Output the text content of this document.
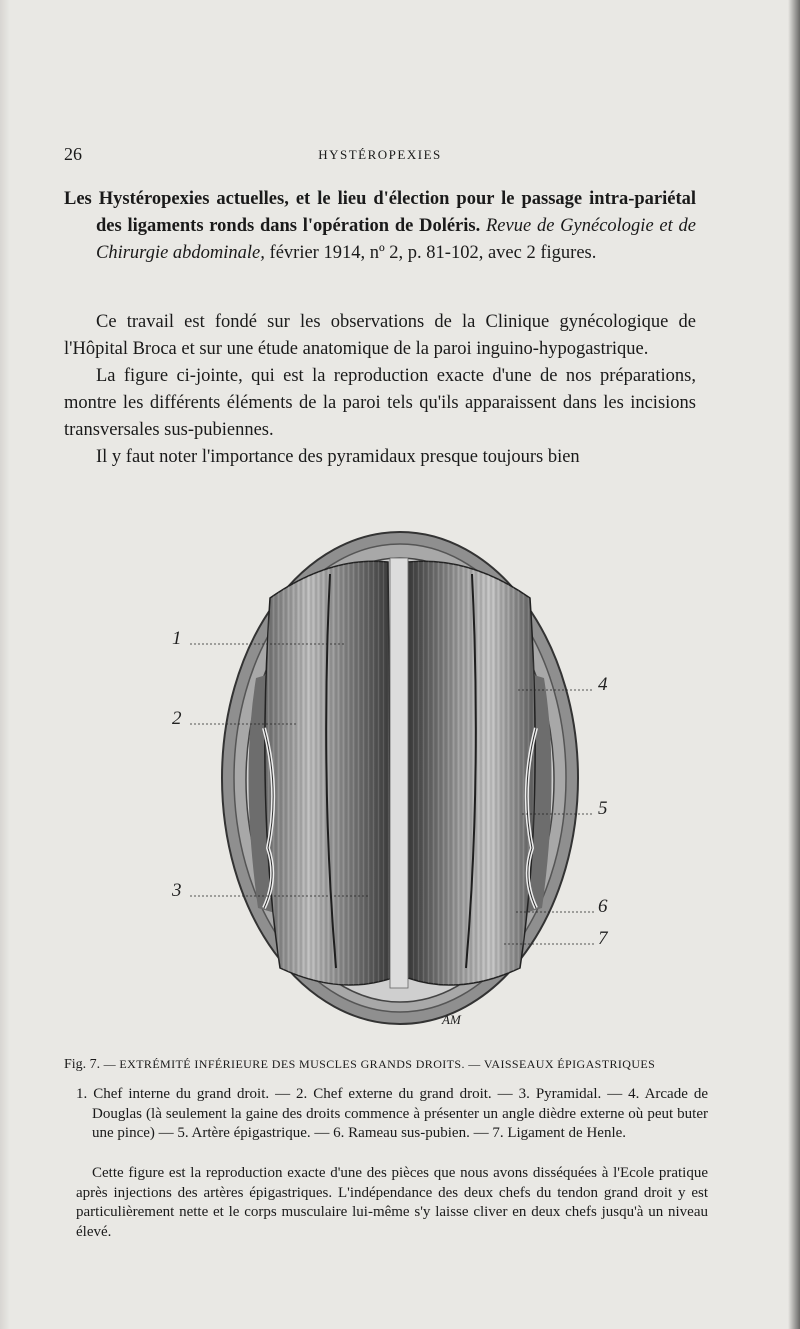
26	HYSTÉROPEXIES
Les Hystéropexies actuelles, et le lieu d'élection pour le passage intra-pariétal des ligaments ronds dans l'opération de Doléris. Revue de Gynécologie et de Chirurgie abdominale, février 1914, nº 2, p. 81-102, avec 2 figures.

Ce travail est fondé sur les observations de la Clinique gynécologique de l'Hôpital Broca et sur une étude anatomique de la paroi inguino-hypogastrique.

La figure ci-jointe, qui est la reproduction exacte d'une de nos préparations, montre les différents éléments de la paroi tels qu'ils apparaissent dans les incisions transversales sus-pubiennes.

Il y faut noter l'importance des pyramidaux presque toujours bien

1
2
3
4
5
6
7
AM
Fig. 7. — EXTRÉMITÉ INFÉRIEURE DES MUSCLES GRANDS DROITS. — VAISSEAUX ÉPIGASTRIQUES
1. Chef interne du grand droit. — 2. Chef externe du grand droit. — 3. Pyramidal. — 4. Arcade de Douglas (là seulement la gaine des droits commence à présenter un angle dièdre externe où peut buter une pince) — 5. Artère épigastrique. — 6. Rameau sus-pubien. — 7. Ligament de Henle.
Cette figure est la reproduction exacte d'une des pièces que nous avons disséquées à l'Ecole pratique après injections des artères épigastriques. L'indépendance des deux chefs du tendon grand droit y est particulièrement nette et le corps musculaire lui-même s'y laisse cliver en deux chefs jusqu'à un niveau élevé.
